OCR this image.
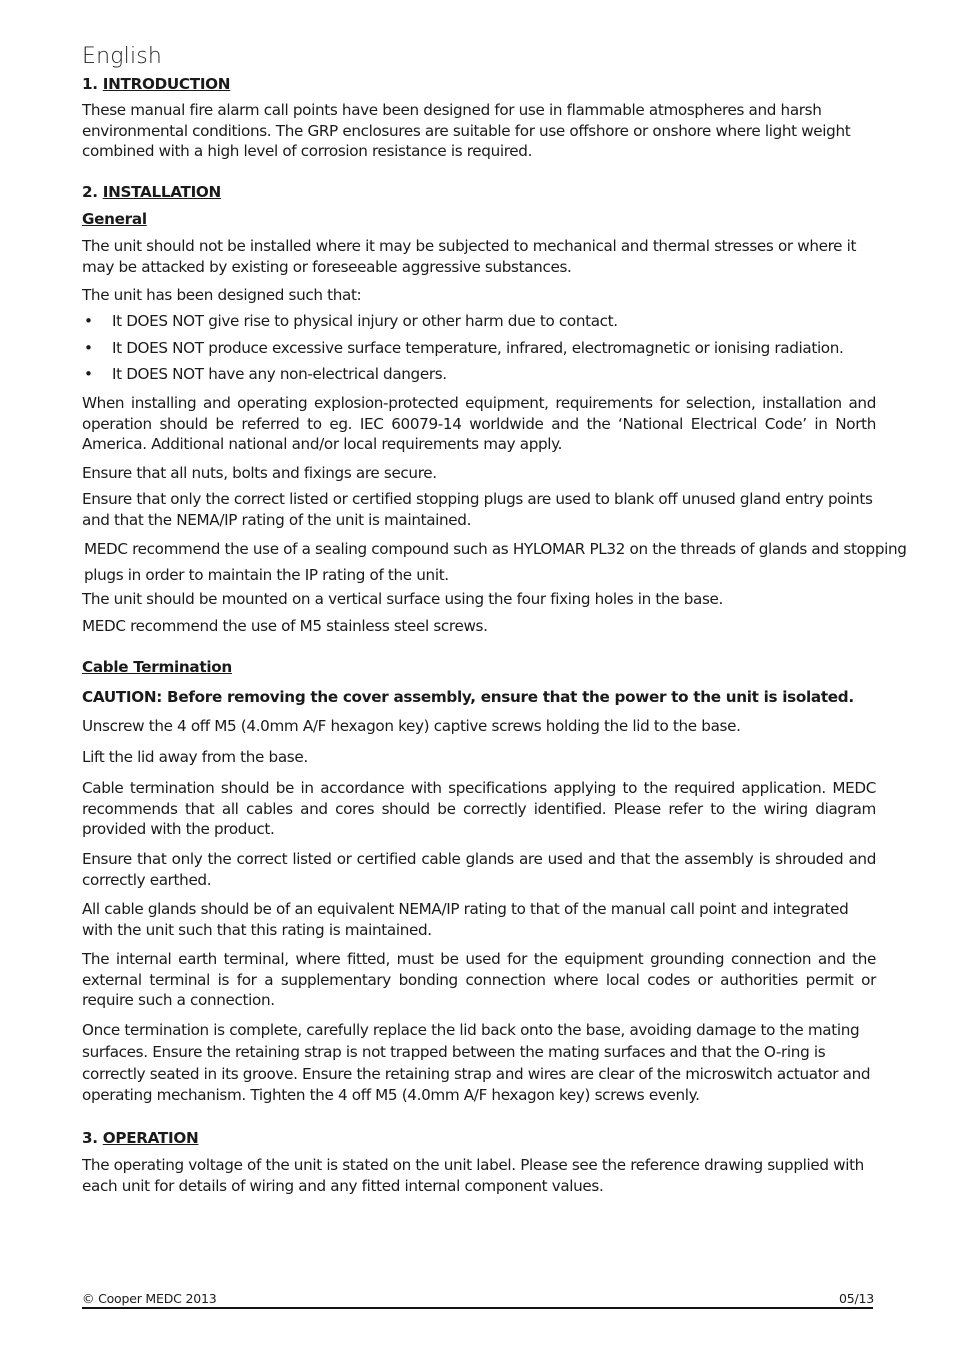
English
1. INTRODUCTION

These manual fire alarm call points have been designed for use in flammable atmospheres and harsh environmental conditions. The GRP enclosures are suitable for use offshore or onshore where light weight combined with a high level of corrosion resistance is required.

2. INSTALLATION
General

The unit should not be installed where it may be subjected to mechanical and thermal stresses or where it may be attacked by existing or foreseeable aggressive substances.

The unit has been designed such that:

• It DOES NOT give rise to physical injury or other harm due to contact.
• It DOES NOT produce excessive surface temperature, infrared, electromagnetic or ionising radiation.
• It DOES NOT have any non-electrical dangers.

When installing and operating explosion-protected equipment, requirements for selection, installation and operation should be referred to eg. IEC 60079-14 worldwide and the ‘National Electrical Code’ in North America. Additional national and/or local requirements may apply.

Ensure that all nuts, bolts and fixings are secure.

Ensure that only the correct listed or certified stopping plugs are used to blank off unused gland entry points and that the NEMA/IP rating of the unit is maintained.

MEDC recommend the use of a sealing compound such as HYLOMAR PL32 on the threads of glands and stopping

plugs in order to maintain the IP rating of the unit.

The unit should be mounted on a vertical surface using the four fixing holes in the base.

MEDC recommend the use of M5 stainless steel screws.

Cable Termination

CAUTION: Before removing the cover assembly, ensure that the power to the unit is isolated.

Unscrew the 4 off M5 (4.0mm A/F hexagon key) captive screws holding the lid to the base.

Lift the lid away from the base.

Cable termination should be in accordance with specifications applying to the required application. MEDC recommends that all cables and cores should be correctly identified. Please refer to the wiring diagram provided with the product.

Ensure that only the correct listed or certified cable glands are used and that the assembly is shrouded and correctly earthed.

All cable glands should be of an equivalent NEMA/IP rating to that of the manual call point and integrated with the unit such that this rating is maintained.

The internal earth terminal, where fitted, must be used for the equipment grounding connection and the external terminal is for a supplementary bonding connection where local codes or authorities permit or require such a connection.

Once termination is complete, carefully replace the lid back onto the base, avoiding damage to the mating surfaces. Ensure the retaining strap is not trapped between the mating surfaces and that the O-ring is correctly seated in its groove. Ensure the retaining strap and wires are clear of the microswitch actuator and operating mechanism. Tighten the 4 off M5 (4.0mm A/F hexagon key) screws evenly.

3. OPERATION

The operating voltage of the unit is stated on the unit label. Please see the reference drawing supplied with each unit for details of wiring and any fitted internal component values.

© Cooper MEDC 2013	05/13
